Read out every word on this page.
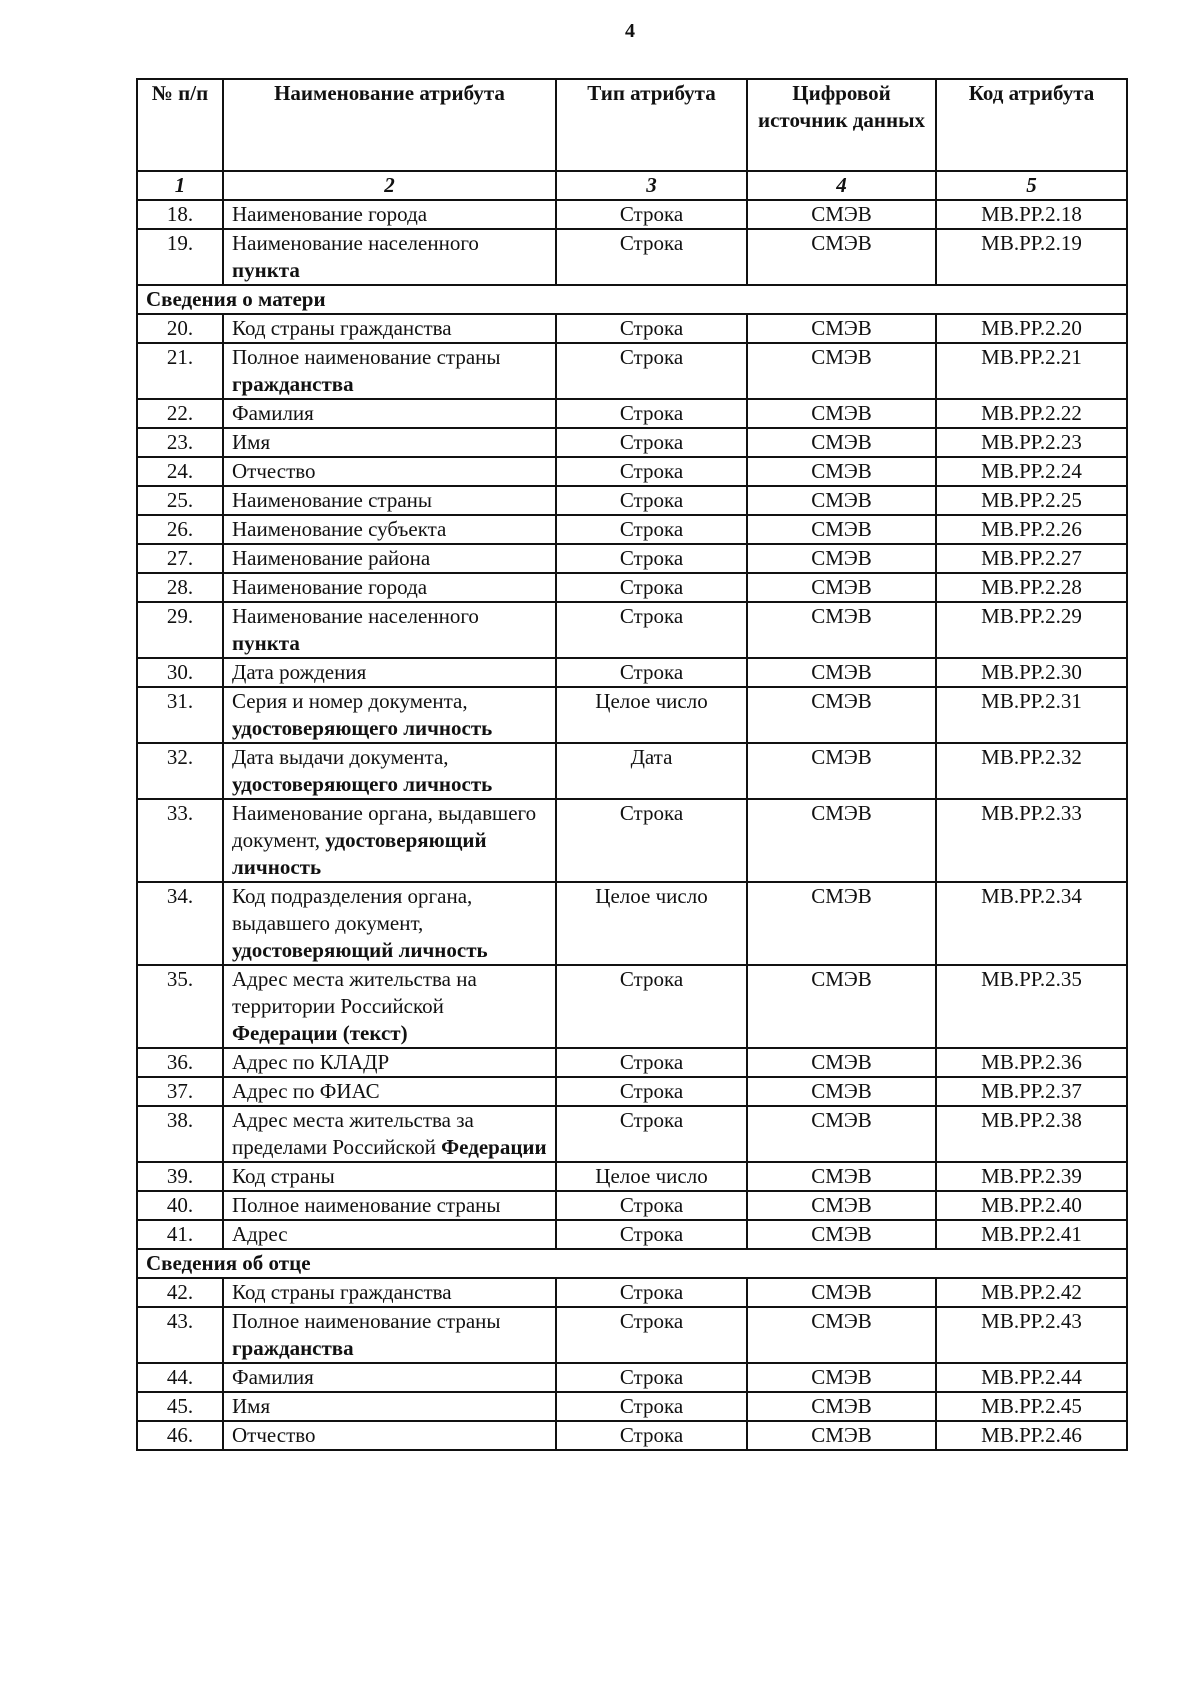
4
№ п/п	Наименование атрибута	Тип атрибута	Цифровой источник данных	Код атрибута
1	2	3	4	5
18.	Наименование города	Строка	СМЭВ	МВ.РР.2.18
19.	Наименование населенного пункта	Строка	СМЭВ	МВ.РР.2.19
Сведения о матери				
20.	Код страны гражданства	Строка	СМЭВ	МВ.РР.2.20
21.	Полное наименование страны гражданства	Строка	СМЭВ	МВ.РР.2.21
22.	Фамилия	Строка	СМЭВ	МВ.РР.2.22
23.	Имя	Строка	СМЭВ	МВ.РР.2.23
24.	Отчество	Строка	СМЭВ	МВ.РР.2.24
25.	Наименование страны	Строка	СМЭВ	МВ.РР.2.25
26.	Наименование субъекта	Строка	СМЭВ	МВ.РР.2.26
27.	Наименование района	Строка	СМЭВ	МВ.РР.2.27
28.	Наименование города	Строка	СМЭВ	МВ.РР.2.28
29.	Наименование населенного пункта	Строка	СМЭВ	МВ.РР.2.29
30.	Дата рождения	Строка	СМЭВ	МВ.РР.2.30
31.	Серия и номер документа, удостоверяющего личность	Целое число	СМЭВ	МВ.РР.2.31
32.	Дата выдачи документа, удостоверяющего личность	Дата	СМЭВ	МВ.РР.2.32
33.	Наименование органа, выдавшего документ, удостоверяющий личность	Строка	СМЭВ	МВ.РР.2.33
34.	Код подразделения органа, выдавшего документ, удостоверяющий личность	Целое число	СМЭВ	МВ.РР.2.34
35.	Адрес места жительства на территории Российской Федерации (текст)	Строка	СМЭВ	МВ.РР.2.35
36.	Адрес по КЛАДР	Строка	СМЭВ	МВ.РР.2.36
37.	Адрес по ФИАС	Строка	СМЭВ	МВ.РР.2.37
38.	Адрес места жительства за пределами Российской Федерации	Строка	СМЭВ	МВ.РР.2.38
39.	Код страны	Целое число	СМЭВ	МВ.РР.2.39
40.	Полное наименование страны	Строка	СМЭВ	МВ.РР.2.40
41.	Адрес	Строка	СМЭВ	МВ.РР.2.41
Сведения об отце				
42.	Код страны гражданства	Строка	СМЭВ	МВ.РР.2.42
43.	Полное наименование страны гражданства	Строка	СМЭВ	МВ.РР.2.43
44.	Фамилия	Строка	СМЭВ	МВ.РР.2.44
45.	Имя	Строка	СМЭВ	МВ.РР.2.45
46.	Отчество	Строка	СМЭВ	МВ.РР.2.46
